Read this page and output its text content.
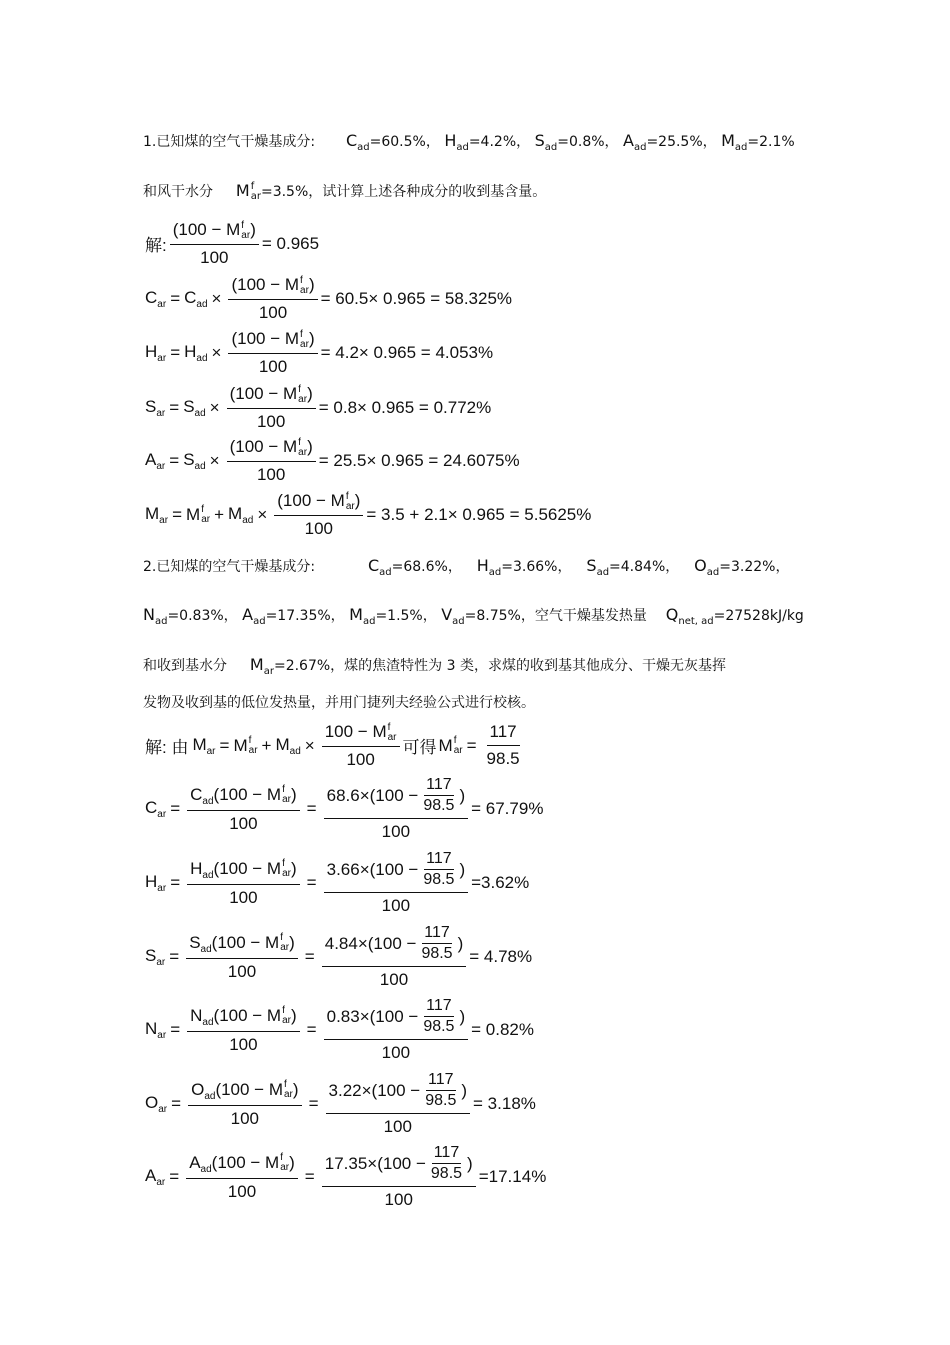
1.已知煤的空气干燥基成分: $C_{ad}=60.5\%$， $H_{ad}=4.2\%$， $S_{ad}=0.8\%$， $A_{ad}=25.5\%$， $M_{ad}=2.1\%$
和风干水分 M f
ar =3.5%，试计算上述各种成分的收到基含量。
解: (100 − M f
ar )
100 = 0.965
$C_{ar} = C_{ad} \times (100 - M$ f
ar )
100 = 60.5× 0.965 = 58.325%
$H_{ar} = H_{ad} \times (100 - M$ f
ar )
100 = 4.2× 0.965 = 4.053%
$S_{ar} = S_{ad} \times (100 - M$ f
ar )
100 = 0.8× 0.965 = 0.772%
$A_{ar} = S_{ad} \times (100 - M$ f
ar )
100 = 25.5× 0.965 = 24.6075%
$M_{ar} = M$ f
ar + $M_{ad} \times (100 - M$ f
ar )
100 = 3.5 + 2.1× 0.965 = 5.5625%
2.已知煤的空气干燥基成分:	$C_{ad}=68.6\%$， $H_{ad}=3.66\%$， $S_{ad}=4.84\%$， $O_{ad}=3.22\%$，
$N_{ad}=0.83\%$， $A_{ad}=17.35\%$， $M_{ad}=1.5\%$， $V_{ad}=8.75\%$，空气干燥基发热量 $Q_{net, ad}=27528kJ/kg$
和收到基水分 $M_{ar}=2.67\%$，煤的焦渣特性为 3 类，求煤的收到基其他成分、干燥无灰基挥
发物及收到基的低位发热量，并用门捷列夫经验公式进行校核。
解: 由 $M_{ar} = M$ f
ar + $M_{ad} \times 100 - M$ f
ar
100 可得 M f
ar = $\frac{117}{98.5}$
$C_{ar} = C_{ad}(100 - M$ f
ar )
$100 = \frac{68.6\times (100 - \frac{117}{98.5} )}{100} = 67.79\%$
$H_{ar} = H_{ad}(100 - M$ f
ar )
$100 = \frac{3.66\times (100 - \frac{117}{98.5} )}{100} =3.62\%$
$S_{ar} = S_{ad}(100 - M$ f
ar )
$100 = \frac{4.84\times (100 - \frac{117}{98.5} )}{100} = 4.78\%$
$N_{ar} = N_{ad}(100 - M$ f
ar )
$100 = \frac{0.83\times (100 - \frac{117}{98.5} )}{100} = 0.82\%$
$O_{ar} = O_{ad}(100 - M$ f
ar )
$100 = \frac{3.22\times (100 - \frac{117}{98.5} )}{100} = 3.18\%$
$A_{ar} = A_{ad}(100 - M$ f
ar )
$100 = \frac{17.35\times (100 - \frac{117}{98.5} )}{100} =17.14\%$
